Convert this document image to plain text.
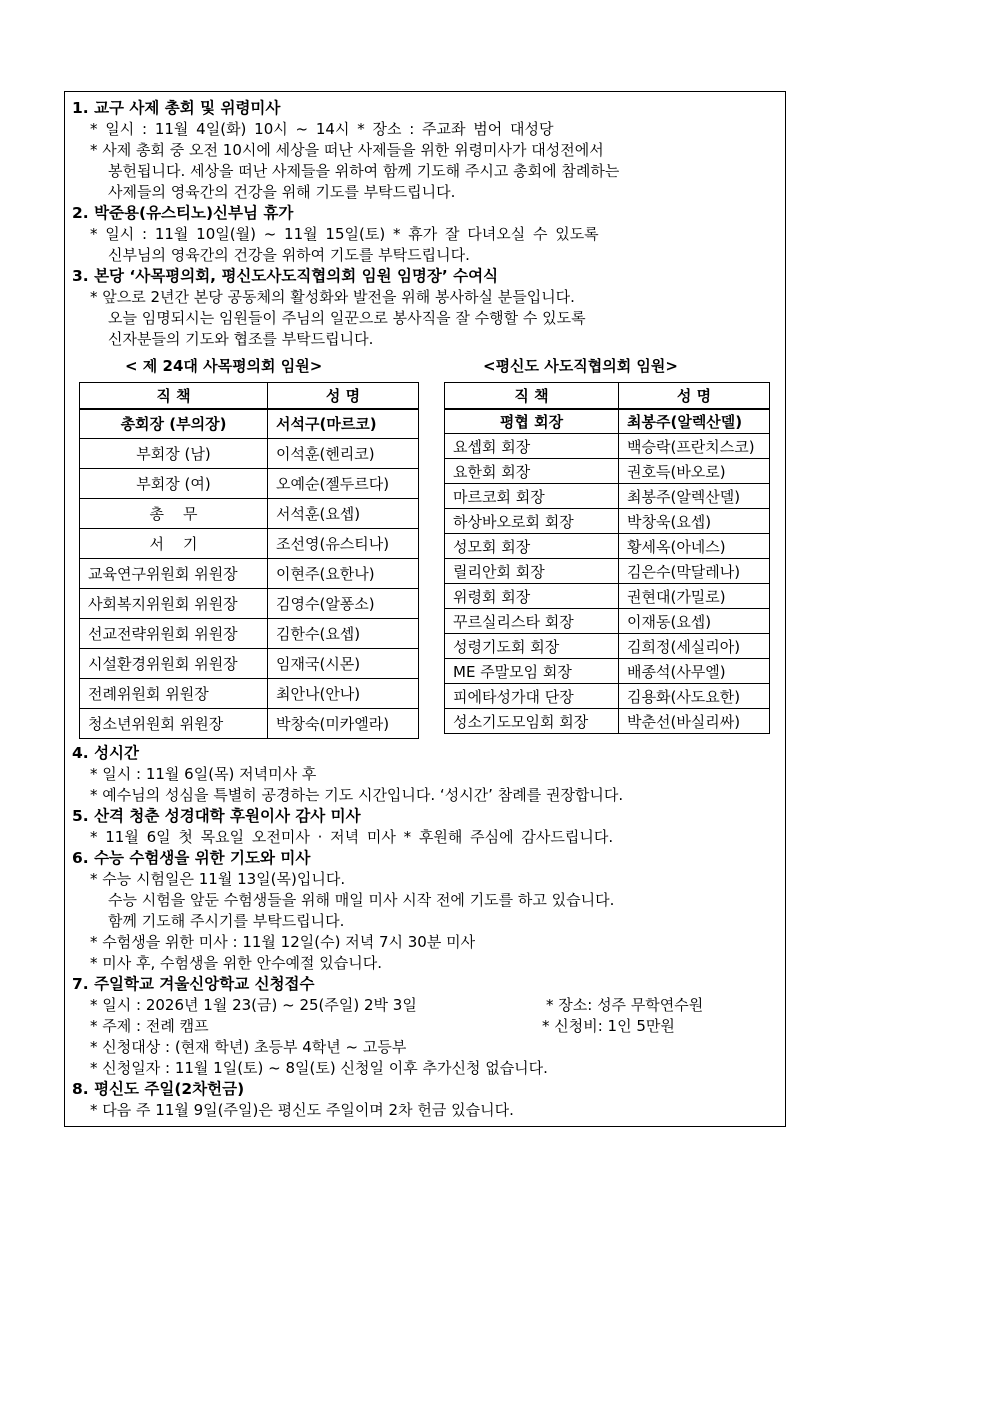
1. 교구 사제 총회 및 위령미사
* 일시 : 11월 4일(화) 10시 ~ 14시 * 장소 : 주교좌 범어 대성당
* 사제 총회 중 오전 10시에 세상을 떠난 사제들을 위한 위령미사가 대성전에서
봉헌됩니다. 세상을 떠난 사제들을 위하여 함께 기도해 주시고 총회에 참례하는
사제들의 영육간의 건강을 위해 기도를 부탁드립니다.
2. 박준용(유스티노)신부님 휴가
* 일시 : 11월 10일(월) ~ 11월 15일(토) * 휴가 잘 다녀오실 수 있도록
신부님의 영육간의 건강을 위하여 기도를 부탁드립니다.
3. 본당 ‘사목평의회, 평신도사도직협의회 임원 임명장’ 수여식
* 앞으로 2년간 본당 공동체의 활성화와 발전을 위해 봉사하실 분들입니다.
오늘 임명되시는 임원들이 주님의 일꾼으로 봉사직을 잘 수행할 수 있도록
신자분들의 기도와 협조를 부탁드립니다.
< 제 24대 사목평의회 임원>	<평신도 사도직협의회 임원>
직 책	성 명
총회장 (부의장)	서석구(마르코)
부회장 (남)	이석훈(헨리코)
부회장 (여)	오예순(젤두르다)
총    무	서석훈(요셉)
서    기	조선영(유스티나)
교육연구위원회 위원장	이현주(요한나)
사회복지위원회 위원장	김영수(알퐁소)
선교전략위원회 위원장	김한수(요셉)
시설환경위원회 위원장	임재국(시몬)
전례위원회 위원장	최안나(안나)
청소년위원회 위원장	박창숙(미카엘라)
직 책	성 명
평협 회장	최봉주(알렉산델)
요셉회 회장	백승락(프란치스코)
요한회 회장	권호득(바오로)
마르코회 회장	최봉주(알렉산델)
하상바오로회 회장	박창욱(요셉)
성모회 회장	황세옥(아네스)
릴리안회 회장	김은수(막달레나)
위령회 회장	권현대(가밀로)
꾸르실리스타 회장	이재동(요셉)
성령기도회 회장	김희정(세실리아)
ME 주말모임 회장	배종석(사무엘)
피에타성가대 단장	김용화(사도요한)
성소기도모임회 회장	박춘선(바실리싸)
4. 성시간
* 일시 : 11월 6일(목) 저녁미사 후
* 예수님의 성심을 특별히 공경하는 기도 시간입니다. ‘성시간’ 참례를 권장합니다.
5. 산격 청춘 성경대학 후원이사 감사 미사
* 11월 6일 첫 목요일 오전미사 · 저녁 미사 * 후원해 주심에 감사드립니다.
6. 수능 수험생을 위한 기도와 미사
* 수능 시험일은 11월 13일(목)입니다.
수능 시험을 앞둔 수험생들을 위해 매일 미사 시작 전에 기도를 하고 있습니다.
함께 기도해 주시기를 부탁드립니다.
* 수험생을 위한 미사 : 11월 12일(수) 저녁 7시 30분 미사
* 미사 후, 수험생을 위한 안수예절 있습니다.
7. 주일학교 겨울신앙학교 신청접수
* 일시 : 2026년 1월 23(금) ~ 25(주일) 2박 3일	* 장소: 성주 무학연수원
* 주제 : 전례 캠프	* 신청비: 1인 5만원
* 신청대상 : (현재 학년) 초등부 4학년 ~ 고등부
* 신청일자 : 11월 1일(토) ~ 8일(토) 신청일 이후 추가신청 없습니다.
8. 평신도 주일(2차헌금)
* 다음 주 11월 9일(주일)은 평신도 주일이며 2차 헌금 있습니다.
